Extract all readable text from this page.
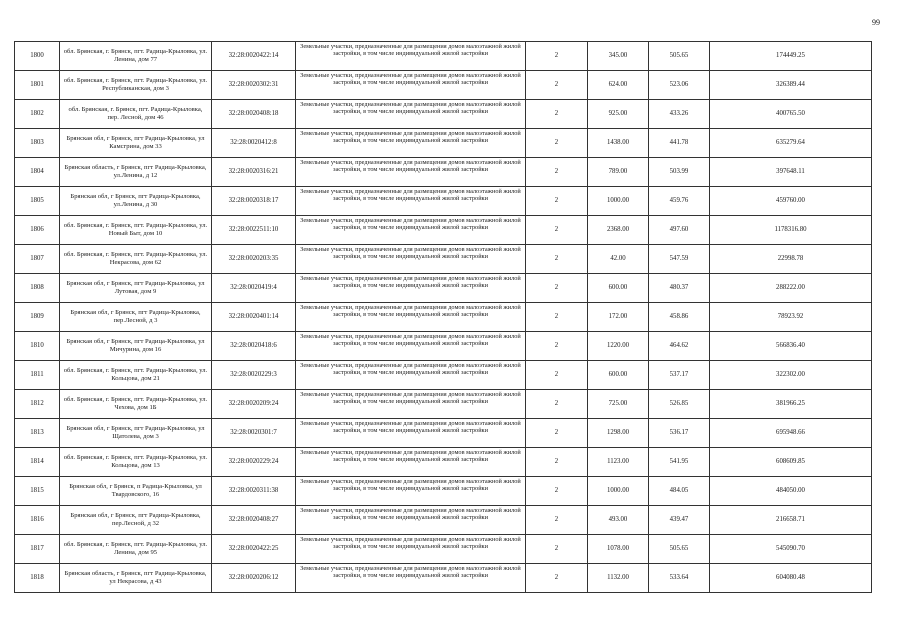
99
1800	обл. Брянская, г. Брянск, пгт. Радица-Крыловка, ул. Ленина, дом 77	32:28:0020422:14	Земельные участки, предназначенные для размещения домов малоэтажной жилой застройки, в том числе индивидуальной жилой застройки	2	345.00	505.65	174449.25
1801	обл. Брянская, г. Брянск, пгт. Радица-Крыловка, ул. Республиканская, дом 3	32:28:0020302:31	Земельные участки, предназначенные для размещения домов малоэтажной жилой застройки, в том числе индивидуальной жилой застройки	2	624.00	523.06	326389.44
1802	обл. Брянская, г. Брянск, пгт. Радица-Крыловка, пер. Лесной, дом 46	32:28:0020408:18	Земельные участки, предназначенные для размещения домов малоэтажной жилой застройки, в том числе индивидуальной жилой застройки	2	925.00	433.26	400765.50
1803	Брянская обл, г Брянск, пгт Радица-Крыловка, ул Камсгрина, дом 33	32:28:0020412:8	Земельные участки, предназначенные для размещения домов малоэтажной жилой застройки, в том числе индивидуальной жилой застройки	2	1438.00	441.78	635279.64
1804	Брянская область, г Брянск, пгт Радица-Крыловка, ул.Ленина, д 12	32:28:0020316:21	Земельные участки, предназначенные для размещения домов малоэтажной жилой застройки, в том числе индивидуальной жилой застройки	2	789.00	503.99	397648.11
1805	Брянская обл, г Брянск, пгт Радица-Крыловка, ул.Ленина, д 30	32:28:0020318:17	Земельные участки, предназначенные для размещения домов малоэтажной жилой застройки, в том числе индивидуальной жилой застройки	2	1000.00	459.76	459760.00
1806	обл. Брянская, г. Брянск, пгт. Радица-Крыловка, ул. Новый Быт, дом 10	32:28:0022511:10	Земельные участки, предназначенные для размещения домов малоэтажной жилой застройки, в том числе индивидуальной жилой застройки	2	2368.00	497.60	1178316.80
1807	обл. Брянская, г. Брянск, пгт. Радица-Крыловка, ул. Некрасова, дом 62	32:28:0020203:35	Земельные участки, предназначенные для размещения домов малоэтажной жилой застройки, в том числе индивидуальной жилой застройки	2	42.00	547.59	22998.78
1808	Брянская обл, г Брянск, пгт Радица-Крыловка, ул Лутовая, дом 9	32:28:0020419:4	Земельные участки, предназначенные для размещения домов малоэтажной жилой застройки, в том числе индивидуальной жилой застройки	2	600.00	480.37	288222.00
1809	Брянская обл, г Брянск, пгт Радица-Крыловка, пер.Лесной, д 3	32:28:0020401:14	Земельные участки, предназначенные для размещения домов малоэтажной жилой застройки, в том числе индивидуальной жилой застройки	2	172.00	458.86	78923.92
1810	Брянская обл, г Брянск, пгт Радица-Крыловка, ул Мичурина, дом 16	32:28:0020418:6	Земельные участки, предназначенные для размещения домов малоэтажной жилой застройки, в том числе индивидуальной жилой застройки	2	1220.00	464.62	566836.40
1811	обл. Брянская, г. Брянск, пгт. Радица-Крыловка, ул. Кольцова, дом 21	32:28:0020229:3	Земельные участки, предназначенные для размещения домов малоэтажной жилой застройки, в том числе индивидуальной жилой застройки	2	600.00	537.17	322302.00
1812	обл. Брянская, г. Брянск, пгт. Радица-Крыловка, ул. Чехова, дом 1Б	32:28:0020209:24	Земельные участки, предназначенные для размещения домов малоэтажной жилой застройки, в том числе индивидуальной жилой застройки	2	725.00	526.85	381966.25
1813	Брянская обл, г Брянск, пгт Радица-Крыловка, ул Щатолева, дом 3	32:28:0020301:7	Земельные участки, предназначенные для размещения домов малоэтажной жилой застройки, в том числе индивидуальной жилой застройки	2	1298.00	536.17	695948.66
1814	обл. Брянская, г. Брянск, пгт. Радица-Крыловка, ул. Кольцова, дом 13	32:28:0020229:24	Земельные участки, предназначенные для размещения домов малоэтажной жилой застройки, в том числе индивидуальной жилой застройки	2	1123.00	541.95	608609.85
1815	Брянская обл, г Брянск, п Радица-Крыловка, ул Твардовского, 16	32:28:0020311:38	Земельные участки, предназначенные для размещения домов малоэтажной жилой застройки, в том числе индивидуальной жилой застройки	2	1000.00	484.05	484050.00
1816	Брянская обл, г Брянск, пгт Радица-Крыловка, пер.Лесной, д 32	32:28:0020408:27	Земельные участки, предназначенные для размещения домов малоэтажной жилой застройки, в том числе индивидуальной жилой застройки	2	493.00	439.47	216658.71
1817	обл. Брянская, г. Брянск, пгт. Радица-Крыловка, ул. Ленина, дом 95	32:28:0020422:25	Земельные участки, предназначенные для размещения домов малоэтажной жилой застройки, в том числе индивидуальной жилой застройки	2	1078.00	505.65	545090.70
1818	Брянская область, г Брянск, пгт Радица-Крыловка, ул Некрасова, д 43	32:28:0020206:12	Земельные участки, предназначенные для размещения домов малоэтажной жилой застройки, в том числе индивидуальной жилой застройки	2	1132.00	533.64	604080.48
